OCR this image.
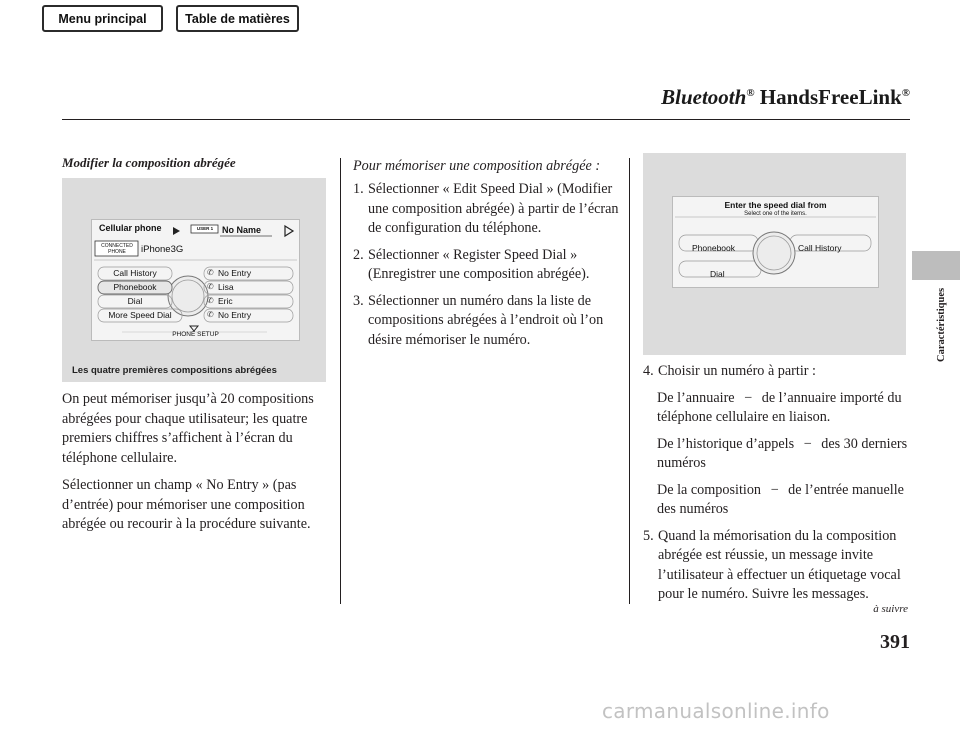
Menu principal	Table de matières
Bluetooth® HandsFreeLink®
Caractéristiques
Modifier la composition abrégée
Cellular phone	USER 1 No Name
CONNECTED
PHONE	iPhone3G
Call History
Phonebook
Dial
More Speed Dial
✆
✆
✆
✆
No Entry
Lisa
Eric
No Entry
PHONE SETUP
Les quatre premières compositions abrégées

On peut mémoriser jusqu’à 20 compositions abrégées pour chaque utilisateur; les quatre premiers chiffres s’affichent à l’écran du téléphone cellulaire.

Sélectionner un champ « No Entry » (pas d’entrée) pour mémoriser une composition abrégée ou recourir à la procédure suivante.

Pour mémoriser une composition abrégée :
1. Sélectionner « Edit Speed Dial » (Modifier une composition abrégée) à partir de l’écran de configuration du téléphone.
2. Sélectionner « Register Speed Dial » (Enregistrer une composition abrégée).
3. Sélectionner un numéro dans la liste de compositions abrégées à l’endroit où l’on désire mémoriser le numéro.
Enter the speed dial from
Select one of the items.
Phonebook	Call History
Dial
4. Choisir un numéro à partir :
De l’annuaire − de l’annuaire importé du téléphone cellulaire en liaison.
De l’historique d’appels − des 30 derniers numéros
De la composition − de l’entrée manuelle des numéros
5. Quand la mémorisation du la composition abrégée est réussie, un message invite l’utilisateur à effectuer un étiquetage vocal pour le numéro. Suivre les messages.
à suivre
391
carmanualsonline.info
